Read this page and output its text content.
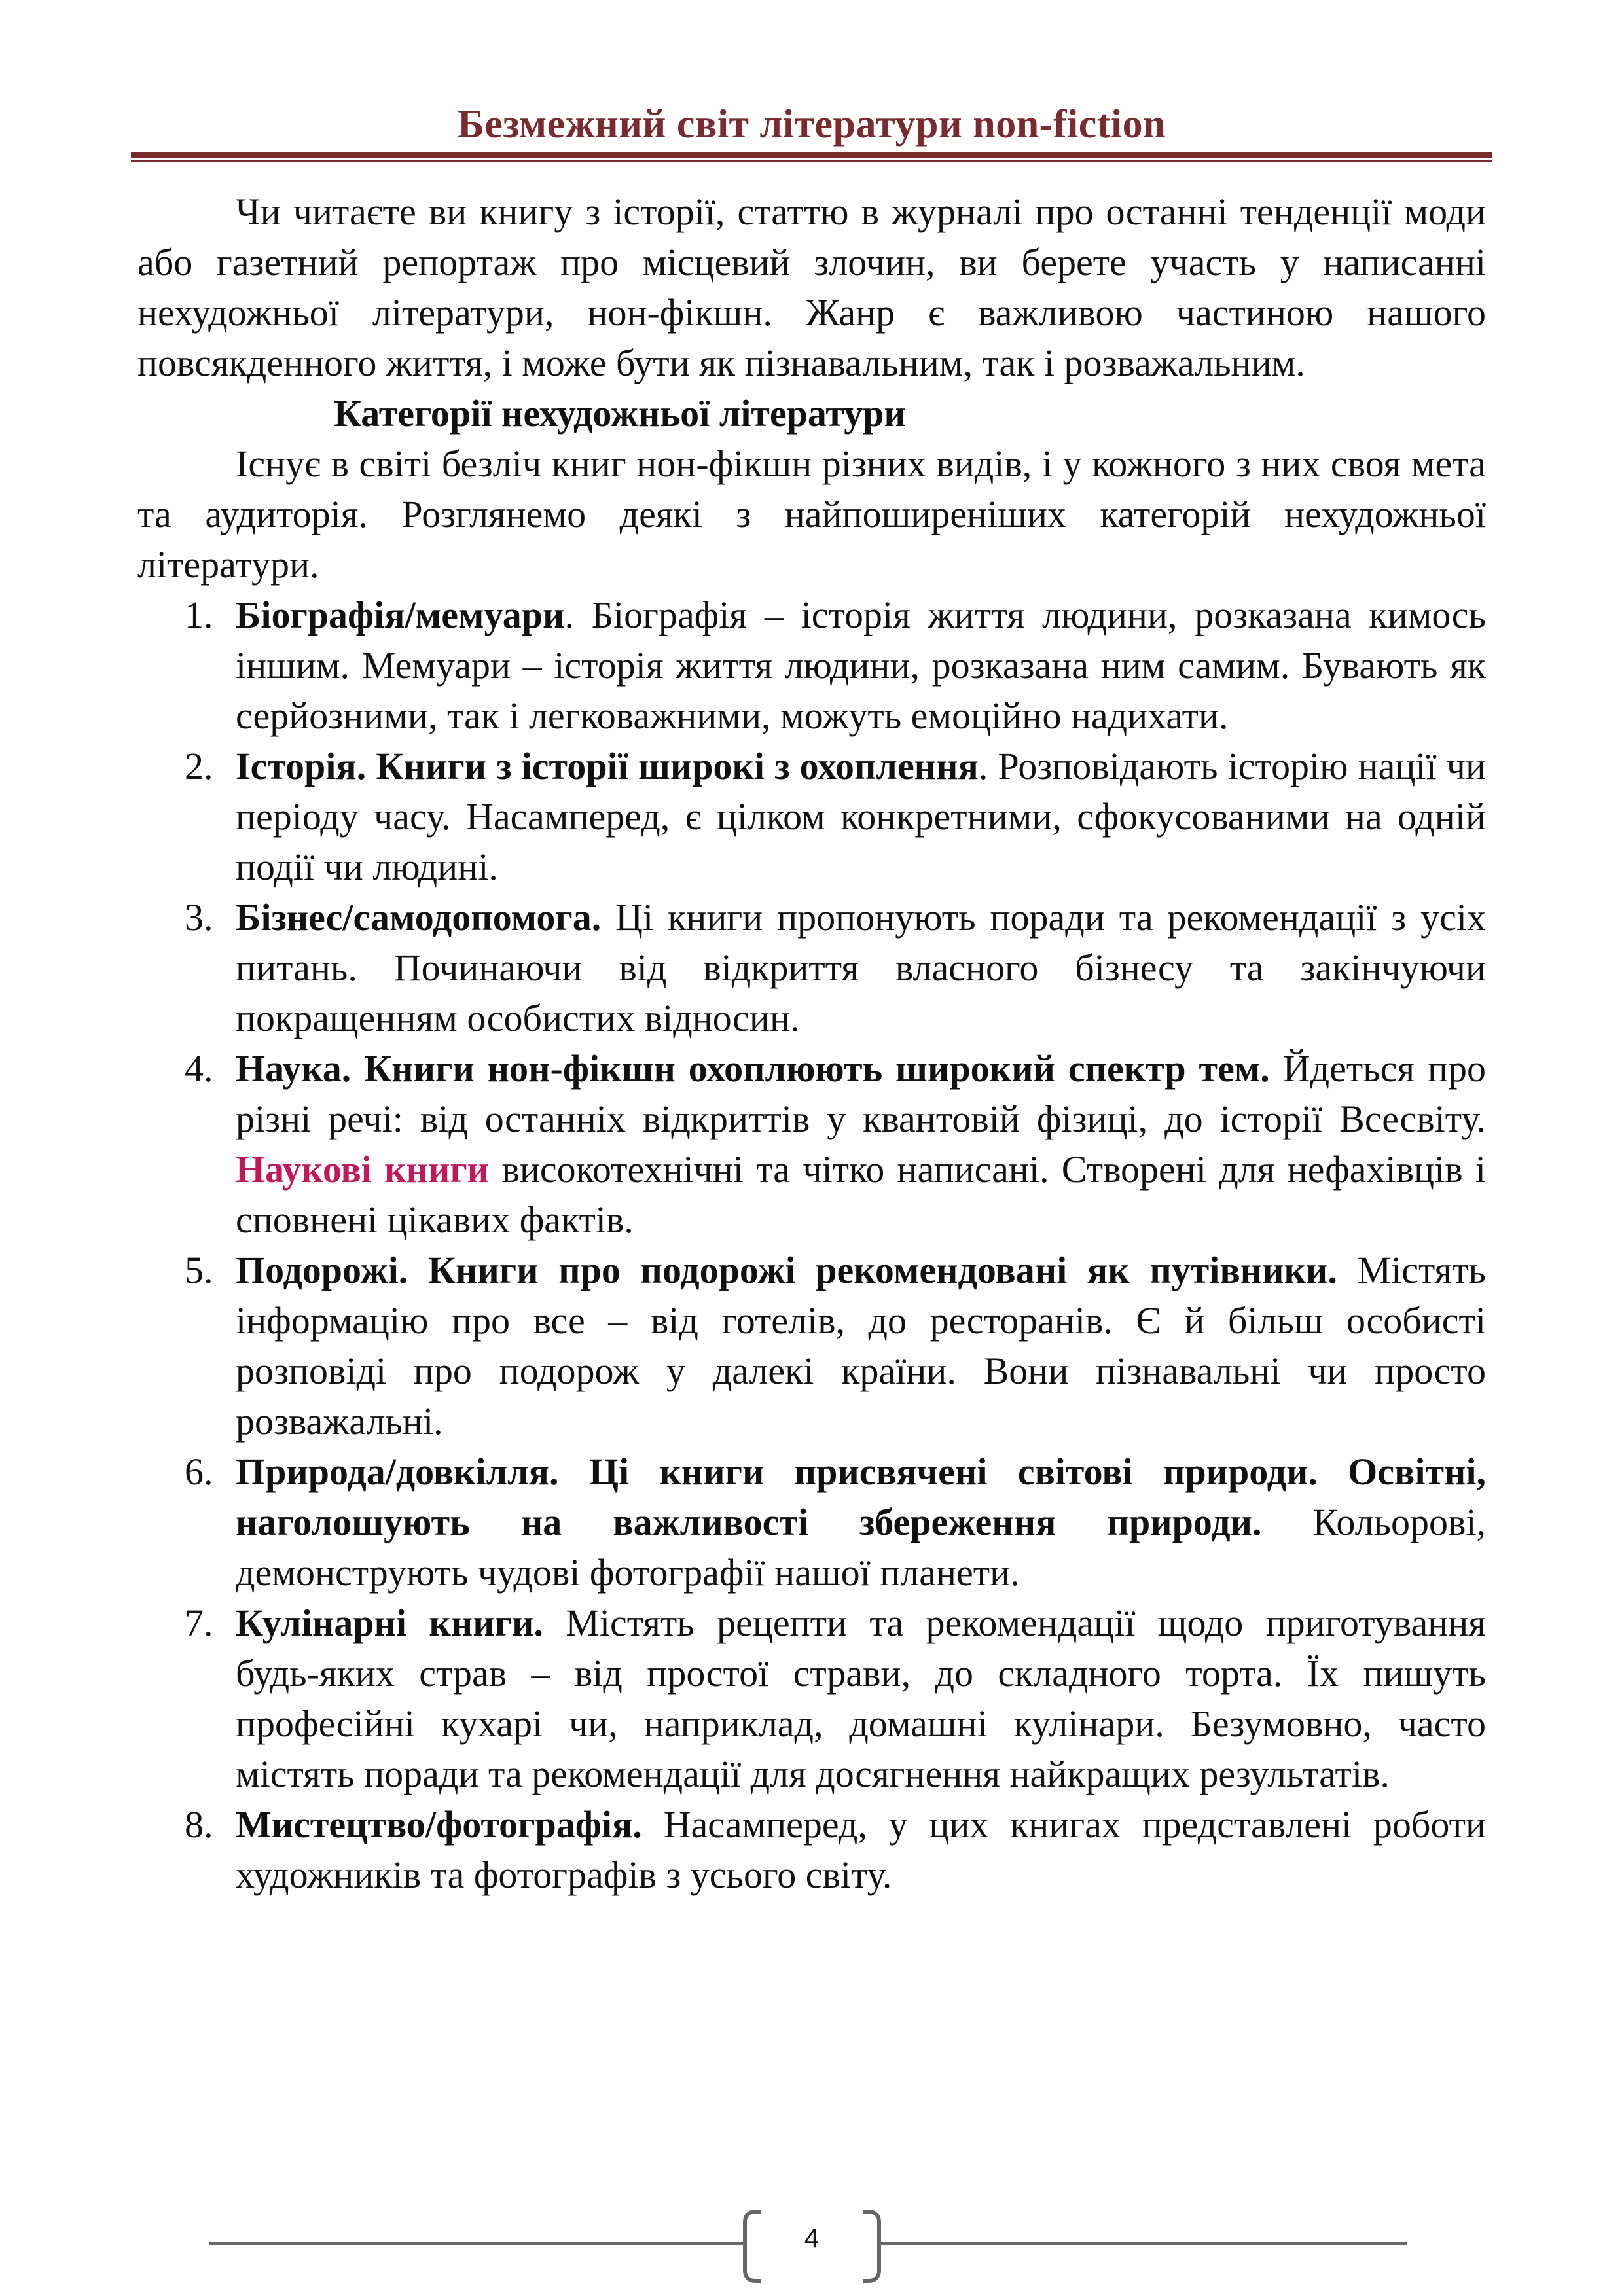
Безмежний світ літератури non-fiction

Чи читаєте ви книгу з історії, статтю в журналі про останні тенденції моди або газетний репортаж про місцевий злочин, ви берете участь у написанні нехудожньої літератури, нон-фікшн. Жанр є важливою частиною нашого повсякденного життя, і може бути як пізнавальним, так і розважальним.

Категорії нехудожньої літератури

Існує в світі безліч книг нон-фікшн різних видів, і у кожного з них своя мета та аудиторія. Розглянемо деякі з найпоширеніших категорій нехудожньої літератури.

1. Біографія/мемуари. Біографія – історія життя людини, розказана кимось іншим. Мемуари – історія життя людини, розказана ним самим. Бувають як серйозними, так і легковажними, можуть емоційно надихати.
2. Історія. Книги з історії широкі з охоплення. Розповідають історію нації чи періоду часу. Насамперед, є цілком конкретними, сфокусованими на одній події чи людині.
3. Бізнес/самодопомога. Ці книги пропонують поради та рекомендації з усіх питань. Починаючи від відкриття власного бізнесу та закінчуючи покращенням особистих відносин.
4. Наука. Книги нон-фікшн охоплюють широкий спектр тем. Йдеться про різні речі: від останніх відкриттів у квантовій фізиці, до історії Всесвіту. Наукові книги високотехнічні та чітко написані. Створені для нефахівців і сповнені цікавих фактів.
5. Подорожі. Книги про подорожі рекомендовані як путівники. Містять інформацію про все – від готелів, до ресторанів. Є й більш особисті розповіді про подорож у далекі країни. Вони пізнавальні чи просто розважальні.
6. Природа/довкілля. Ці книги присвячені світові природи. Освітні, наголошують на важливості збереження природи. Кольорові, демонструють чудові фотографії нашої планети.
7. Кулінарні книги. Містять рецепти та рекомендації щодо приготування будь-яких страв – від простої страви, до складного торта. Їх пишуть професійні кухарі чи, наприклад, домашні кулінари. Безумовно, часто містять поради та рекомендації для досягнення найкращих результатів.
8. Мистецтво/фотографія. Насамперед, у цих книгах представлені роботи художників та фотографів з усього світу.
4
